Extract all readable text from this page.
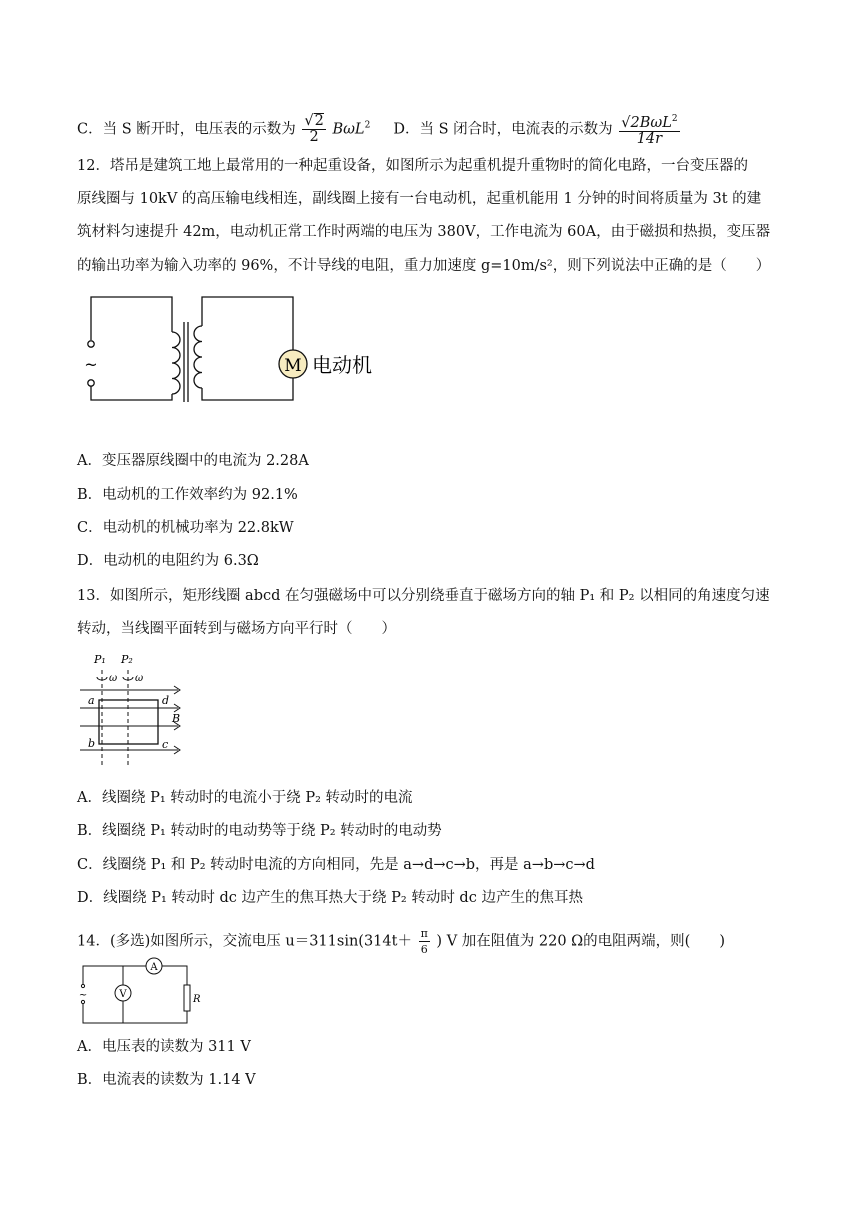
C．当 S 断开时，电压表的示数为 $\frac{√2}{2} B\omega L^2$ D．当 S 闭合时，电流表的示数为 $\frac{√2B\omega L^2}{14r}$
12．塔吊是建筑工地上最常用的一种起重设备，如图所示为起重机提升重物时的简化电路，一台变压器的
原线圈与 10kV 的高压输电线相连，副线圈上接有一台电动机，起重机能用 1 分钟的时间将质量为 3t 的建
筑材料匀速提升 42m，电动机正常工作时两端的电压为 380V，工作电流为 60A，由于磁损和热损，变压器
的输出功率为输入功率的 96%，不计导线的电阻，重力加速度 g=10m/s²，则下列说法中正确的是（　　）
~	M 电动机
A．变压器原线圈中的电流为 2.28A
B．电动机的工作效率约为 92.1%
C．电动机的机械功率为 22.8kW
D．电动机的电阻约为 6.3Ω
13．如图所示，矩形线圈 abcd 在匀强磁场中可以分别绕垂直于磁场方向的轴 P₁ 和 P₂ 以相同的角速度匀速
转动，当线圈平面转到与磁场方向平行时（　　）
P₁ P₂
ω ω
a	d
b	c
B
A．线圈绕 P₁ 转动时的电流小于绕 P₂ 转动时的电流
B．线圈绕 P₁ 转动时的电动势等于绕 P₂ 转动时的电动势
C．线圈绕 P₁ 和 P₂ 转动时电流的方向相同，先是 a→d→c→b，再是 a→b→c→d
D．线圈绕 P₁ 转动时 dc 边产生的焦耳热大于绕 P₂ 转动时 dc 边产生的焦耳热
14．(多选)如图所示，交流电压 $u=311\sin(314t+ \frac{\pi}{6}$ ) V 加在阻值为 220 Ω的电阻两端，则(　　)
A
V	R
~
A．电压表的读数为 311 V
B．电流表的读数为 1.14 V
